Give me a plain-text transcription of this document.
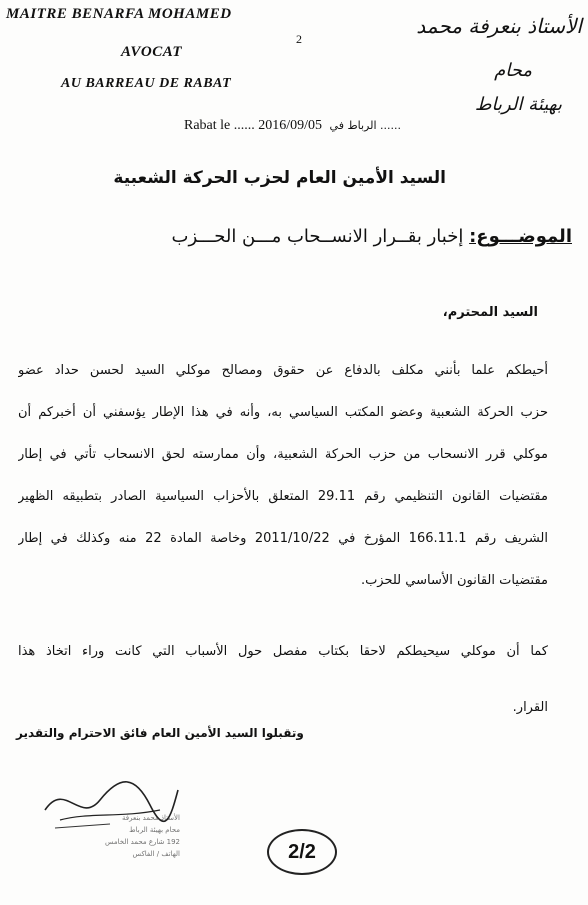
MAITRE BENARFA MOHAMED
AVOCAT
AU BARREAU DE RABAT
2
الأستاذ بنعرفة محمد
محام
بهيئة الرباط
Rabat le ...... 2016/09/05 الرباط في ......
السيد الأمين العام لحزب الحركة الشعبية
الموضـــوع: إخبار بقــرار الانســحاب مـــن الحـــزب
السيد المحترم،
أحيطكم علما بأنني مكلف بالدفاع عن حقوق ومصالح موكلي السيد لحسن حداد عضو
حزب الحركة الشعبية وعضو المكتب السياسي به، وأنه في هذا الإطار يؤسفني أن أخبركم أن
موكلي قرر الانسحاب من حزب الحركة الشعبية، وأن ممارسته لحق الانسحاب تأتي في إطار
مقتضيات القانون التنظيمي رقم 29.11 المتعلق بالأحزاب السياسية الصادر بتطبيقه الظهير
الشريف رقم 166.11.1 المؤرخ في 2011/10/22 وخاصة المادة 22 منه وكذلك في إطار
مقتضيات القانون الأساسي للحزب.
كما أن موكلي سيحيطكم لاحقا بكتاب مفصل حول الأسباب التي كانت وراء اتخاذ هذا
القرار.
وتقبلوا السيد الأمين العام فائق الاحترام والتقدير
الأستاذ محمد بنعرفة
محام بهيئة الرباط
192 شارع محمد الخامس
الهاتف / الفاكس	2/2
